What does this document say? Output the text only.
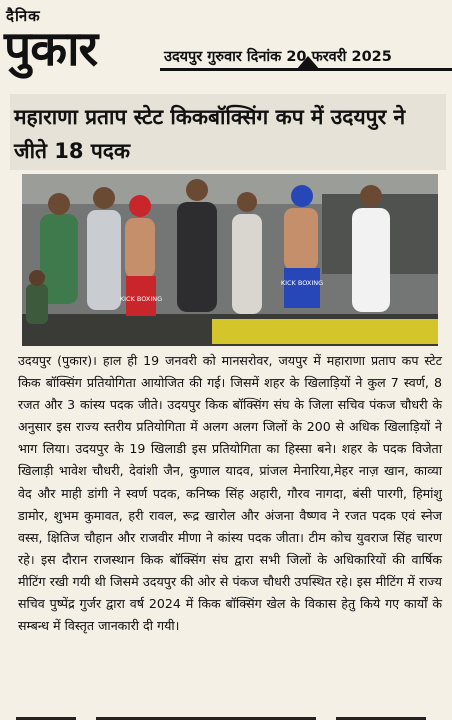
दैनिक
पुकार	उदयपुर गुरुवार दिनांक 20 फरवरी 2025
महाराणा प्रताप स्टेट किकबॉक्सिंग कप में उदयपुर ने जीते 18 पदक
KICK BOXING
KICK BOXING
उदयपुर (पुकार)। हाल ही 19 जनवरी को मानसरोवर, जयपुर में महाराणा प्रताप कप स्टेट किक बॉक्सिंग प्रतियोगिता आयोजित की गई। जिसमें शहर के खिलाड़ियों ने कुल 7 स्वर्ण, 8 रजत और 3 कांस्य पदक जीते। उदयपुर किक बॉक्सिंग संघ के जिला सचिव पंकज चौधरी के अनुसार इस राज्य स्तरीय प्रतियोगिता में अलग अलग जिलों के 200 से अधिक खिलाड़ियों ने भाग लिया। उदयपुर के 19 खिलाडी इस प्रतियोगिता का हिस्सा बने। शहर के पदक विजेता खिलाड़ी भावेश चौधरी, देवांशी जैन, कुणाल यादव, प्रांजल मेनारिया,मेहर नाज़ खान, काव्या वेद और माही डांगी ने स्वर्ण पदक, कनिष्क सिंह अहारी, गौरव नागदा, बंसी पारगी, हिमांशु डामोर, शुभम कुमावत, हरी रावल, रूद्र खारोल और अंजना वैष्णव ने रजत पदक एवं स्नेज वस्स, क्षितिज चौहान और राजवीर मीणा ने कांस्य पदक जीता। टीम कोच युवराज सिंह चारण रहे। इस दौरान राजस्थान किक बॉक्सिंग संघ द्वारा सभी जिलों के अधिकारियों की वार्षिक मीटिंग रखी गयी थी जिसमे उदयपुर की ओर से पंकज चौधरी उपस्थित रहे। इस मीटिंग में राज्य सचिव पुष्पेंद्र गुर्जर द्वारा वर्ष 2024 में किक बॉक्सिंग खेल के विकास हेतु किये गए कार्यों के सम्बन्ध में विस्तृत जानकारी दी गयी।
